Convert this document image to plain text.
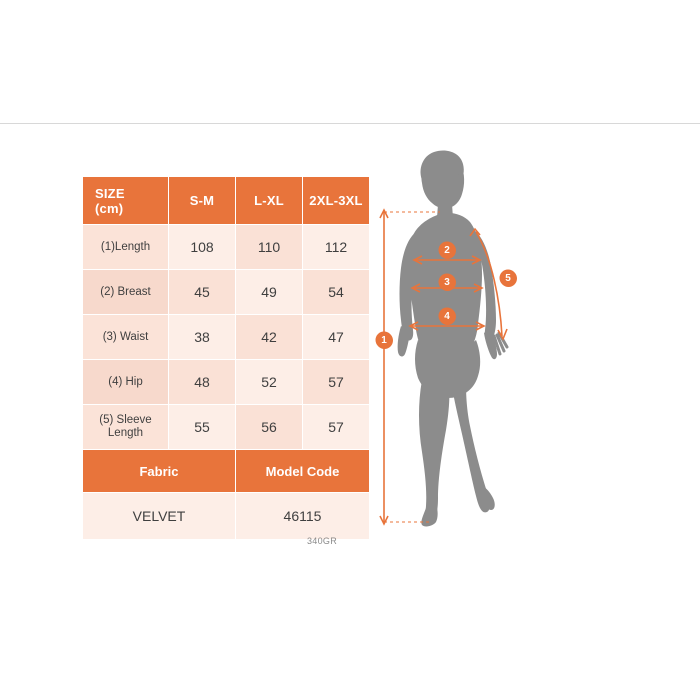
SIZE
(cm)	S-M	L-XL	2XL-3XL
(1)Length	108	110	112
(2) Breast	45	49	54
(3) Waist	38	42	47
(4) Hip	48	52	57
(5) Sleeve Length	55	56	57
Fabric		Model Code	
VELVET		46115	
340GR
1
2
3
4
5
